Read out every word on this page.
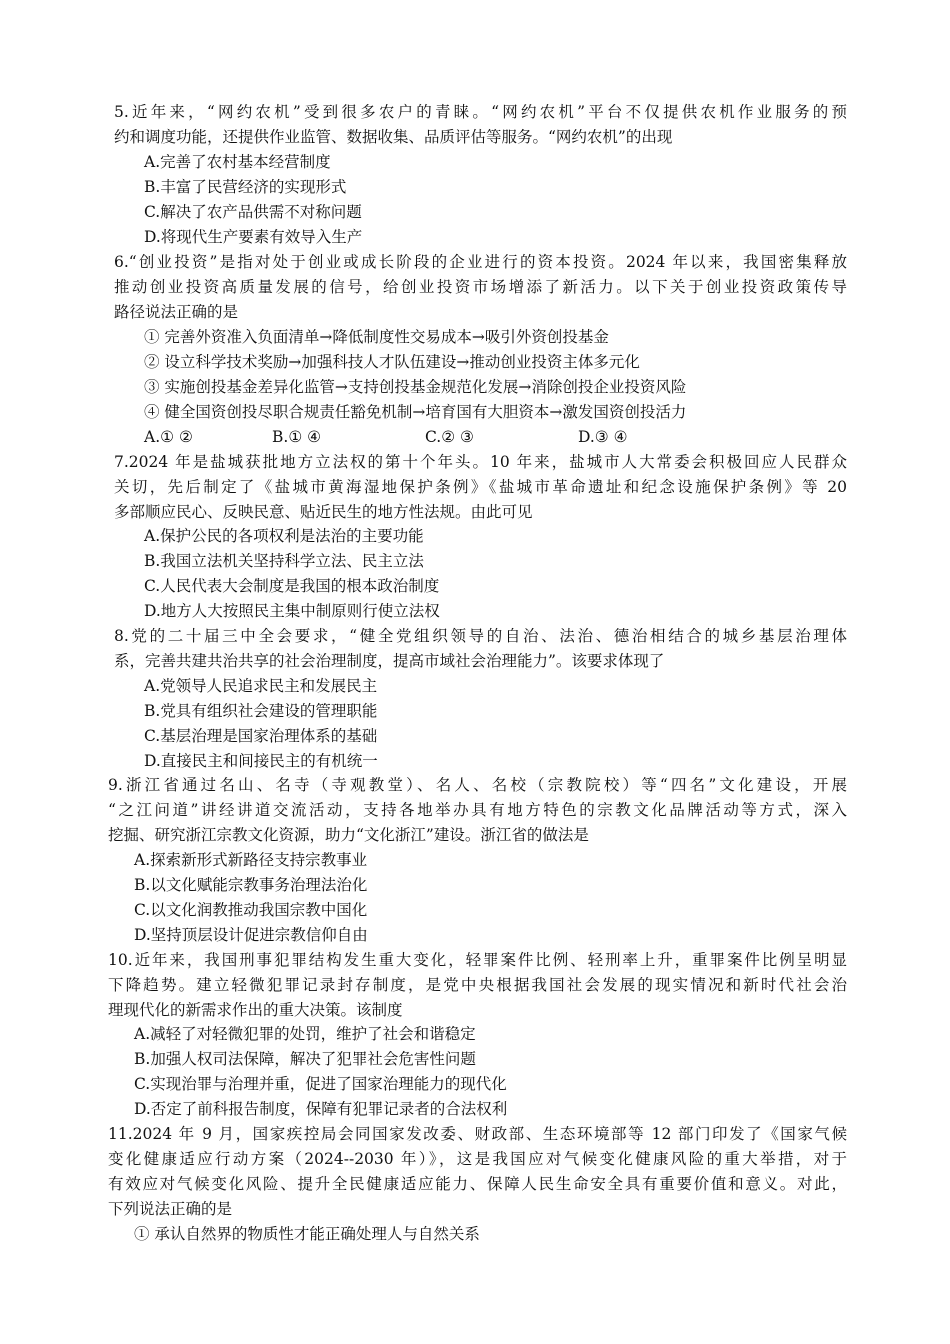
5.近年来，“网约农机”受到很多农户的青睐。“网约农机”平台不仅提供农机作业服务的预
约和调度功能，还提供作业监管、数据收集、品质评估等服务。“网约农机”的出现
A.完善了农村基本经营制度
B.丰富了民营经济的实现形式
C.解决了农产品供需不对称问题
D.将现代生产要素有效导入生产
6.“创业投资”是指对处于创业或成长阶段的企业进行的资本投资。2024 年以来，我国密集释放
推动创业投资高质量发展的信号，给创业投资市场增添了新活力。以下关于创业投资政策传导
路径说法正确的是
① 完善外资准入负面清单→降低制度性交易成本→吸引外资创投基金
② 设立科学技术奖励→加强科技人才队伍建设→推动创业投资主体多元化
③ 实施创投基金差异化监管→支持创投基金规范化发展→消除创投企业投资风险
④ 健全国资创投尽职合规责任豁免机制→培育国有大胆资本→激发国资创投活力
A.① ②	B.① ④	C.② ③	D.③ ④
7.2024 年是盐城获批地方立法权的第十个年头。10 年来，盐城市人大常委会积极回应人民群众
关切，先后制定了《盐城市黄海湿地保护条例》《盐城市革命遗址和纪念设施保护条例》等 20
多部顺应民心、反映民意、贴近民生的地方性法规。由此可见
A.保护公民的各项权利是法治的主要功能
B.我国立法机关坚持科学立法、民主立法
C.人民代表大会制度是我国的根本政治制度
D.地方人大按照民主集中制原则行使立法权
8.党的二十届三中全会要求，“健全党组织领导的自治、法治、德治相结合的城乡基层治理体
系，完善共建共治共享的社会治理制度，提高市域社会治理能力”。该要求体现了
A.党领导人民追求民主和发展民主
B.党具有组织社会建设的管理职能
C.基层治理是国家治理体系的基础
D.直接民主和间接民主的有机统一
9.浙江省通过名山、名寺（寺观教堂）、名人、名校（宗教院校）等“四名”文化建设，开展
“之江问道”讲经讲道交流活动，支持各地举办具有地方特色的宗教文化品牌活动等方式，深入
挖掘、研究浙江宗教文化资源，助力“文化浙江”建设。浙江省的做法是
A.探索新形式新路径支持宗教事业
B.以文化赋能宗教事务治理法治化
C.以文化润教推动我国宗教中国化
D.坚持顶层设计促进宗教信仰自由
10.近年来，我国刑事犯罪结构发生重大变化，轻罪案件比例、轻刑率上升，重罪案件比例呈明显
下降趋势。建立轻微犯罪记录封存制度，是党中央根据我国社会发展的现实情况和新时代社会治
理现代化的新需求作出的重大决策。该制度
A.减轻了对轻微犯罪的处罚，维护了社会和谐稳定
B.加强人权司法保障，解决了犯罪社会危害性问题
C.实现治罪与治理并重，促进了国家治理能力的现代化
D.否定了前科报告制度，保障有犯罪记录者的合法权利
11.2024 年 9 月，国家疾控局会同国家发改委、财政部、生态环境部等 12 部门印发了《国家气候
变化健康适应行动方案（2024--2030 年）》，这是我国应对气候变化健康风险的重大举措，对于
有效应对气候变化风险、提升全民健康适应能力、保障人民生命安全具有重要价值和意义。对此，
下列说法正确的是
① 承认自然界的物质性才能正确处理人与自然关系
